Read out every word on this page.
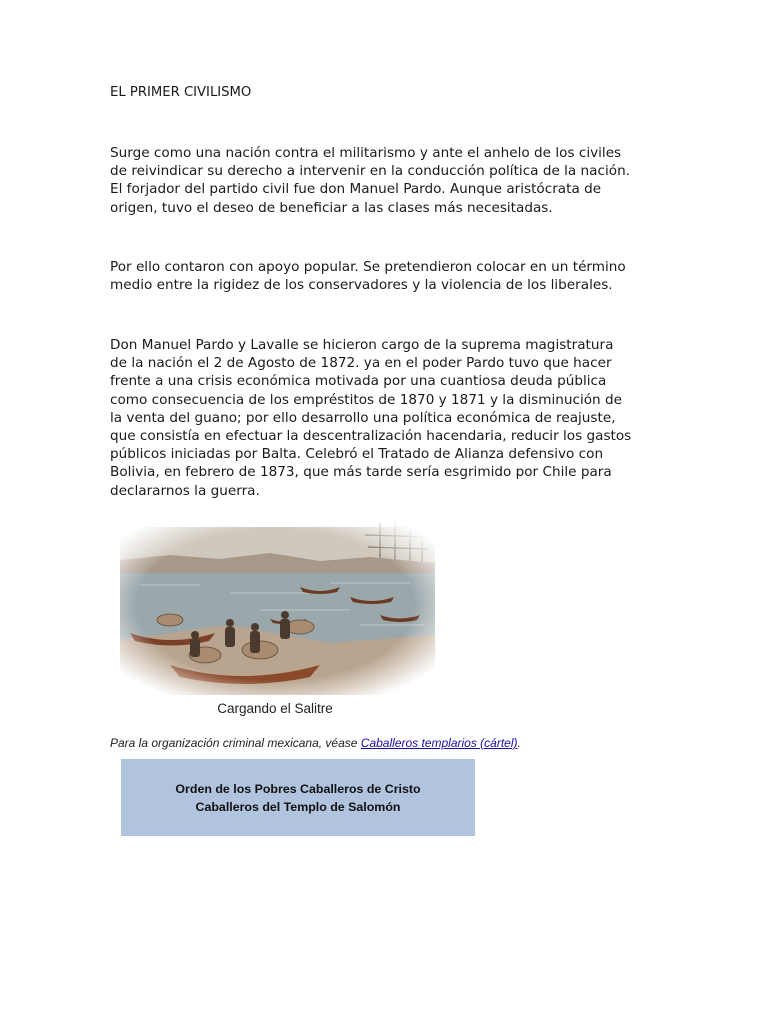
EL PRIMER CIVILISMO
Surge como una nación contra el militarismo y ante el anhelo de los civiles
de reivindicar su derecho a intervenir en la conducción política de la nación.
El forjador del partido civil fue don Manuel Pardo. Aunque aristócrata de
origen, tuvo el deseo de beneficiar a las clases más necesitadas.
Por ello contaron con apoyo popular. Se pretendieron colocar en un término
medio entre la rigidez de los conservadores y la violencia de los liberales.
Don Manuel Pardo y Lavalle se hicieron cargo de la suprema magistratura
de la nación el 2 de Agosto de 1872. ya en el poder Pardo tuvo que hacer
frente a una crisis económica motivada por una cuantiosa deuda pública
como consecuencia de los empréstitos de 1870 y 1871 y la disminución de
la venta del guano; por ello desarrollo una política económica de reajuste,
que consistía en efectuar la descentralización hacendaria, reducir los gastos
públicos iniciadas por Balta. Celebró el Tratado de Alianza defensivo con
Bolivia, en febrero de 1873, que más tarde sería esgrimido por Chile para
declararnos la guerra.
Cargando el Salitre
Para la organización criminal mexicana, véase Caballeros templarios (cártel).
Orden de los Pobres Caballeros de Cristo
Caballeros del Templo de Salomón
